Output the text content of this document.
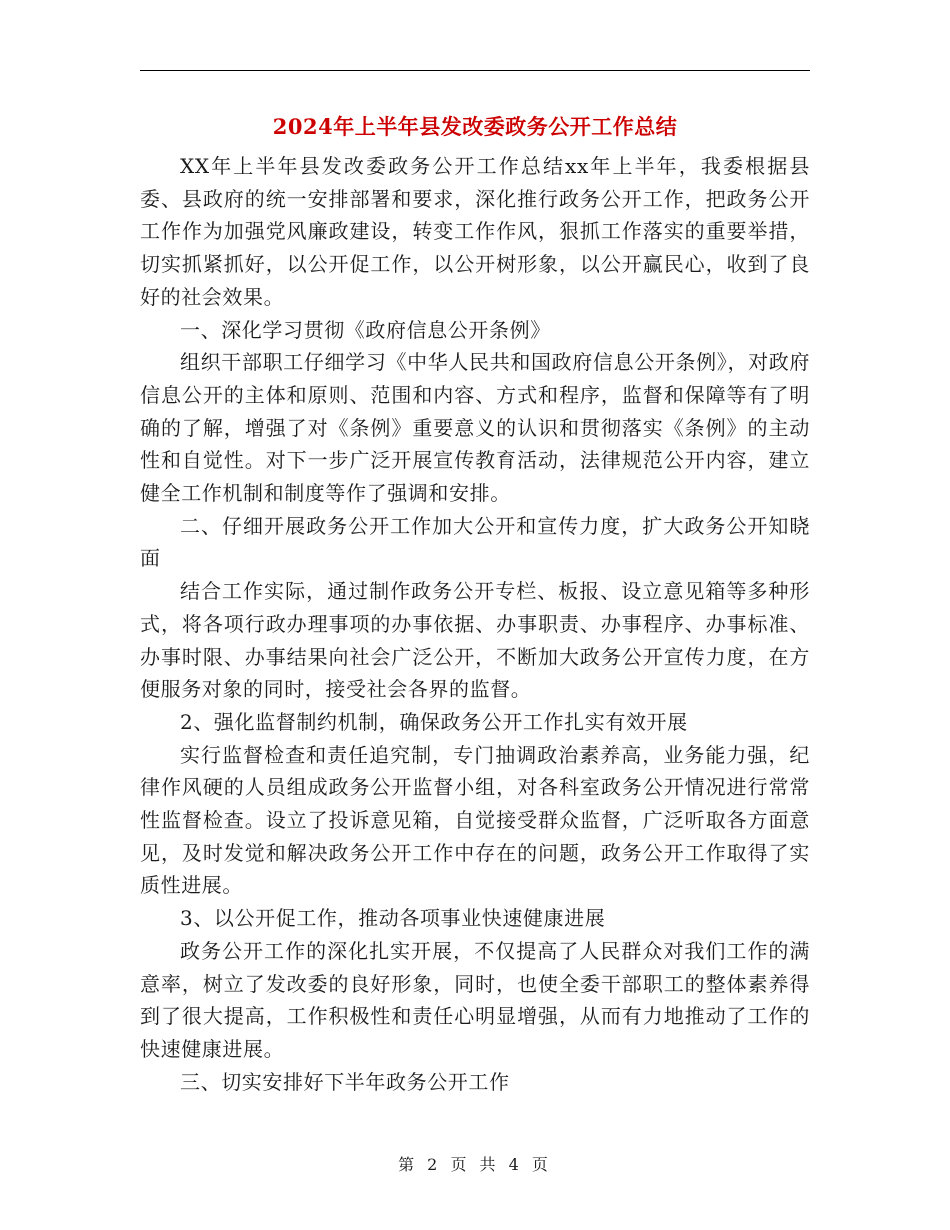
2024年上半年县发改委政务公开工作总结

XX年上半年县发改委政务公开工作总结xx年上半年，我委根据县委、县政府的统一安排部署和要求，深化推行政务公开工作，把政务公开工作作为加强党风廉政建设，转变工作作风，狠抓工作落实的重要举措，切实抓紧抓好，以公开促工作，以公开树形象，以公开赢民心，收到了良好的社会效果。

一、深化学习贯彻《政府信息公开条例》

组织干部职工仔细学习《中华人民共和国政府信息公开条例》，对政府信息公开的主体和原则、范围和内容、方式和程序，监督和保障等有了明确的了解，增强了对《条例》重要意义的认识和贯彻落实《条例》的主动性和自觉性。对下一步广泛开展宣传教育活动，法律规范公开内容，建立健全工作机制和制度等作了强调和安排。

二、仔细开展政务公开工作加大公开和宣传力度，扩大政务公开知晓面

结合工作实际，通过制作政务公开专栏、板报、设立意见箱等多种形式，将各项行政办理事项的办事依据、办事职责、办事程序、办事标准、办事时限、办事结果向社会广泛公开，不断加大政务公开宣传力度，在方便服务对象的同时，接受社会各界的监督。

2、强化监督制约机制，确保政务公开工作扎实有效开展

实行监督检查和责任追究制，专门抽调政治素养高，业务能力强，纪律作风硬的人员组成政务公开监督小组，对各科室政务公开情况进行常常性监督检查。设立了投诉意见箱，自觉接受群众监督，广泛听取各方面意见，及时发觉和解决政务公开工作中存在的问题，政务公开工作取得了实质性进展。

3、以公开促工作，推动各项事业快速健康进展

政务公开工作的深化扎实开展，不仅提高了人民群众对我们工作的满意率，树立了发改委的良好形象，同时，也使全委干部职工的整体素养得到了很大提高，工作积极性和责任心明显增强，从而有力地推动了工作的快速健康进展。

三、切实安排好下半年政务公开工作

第 2 页 共 4 页
